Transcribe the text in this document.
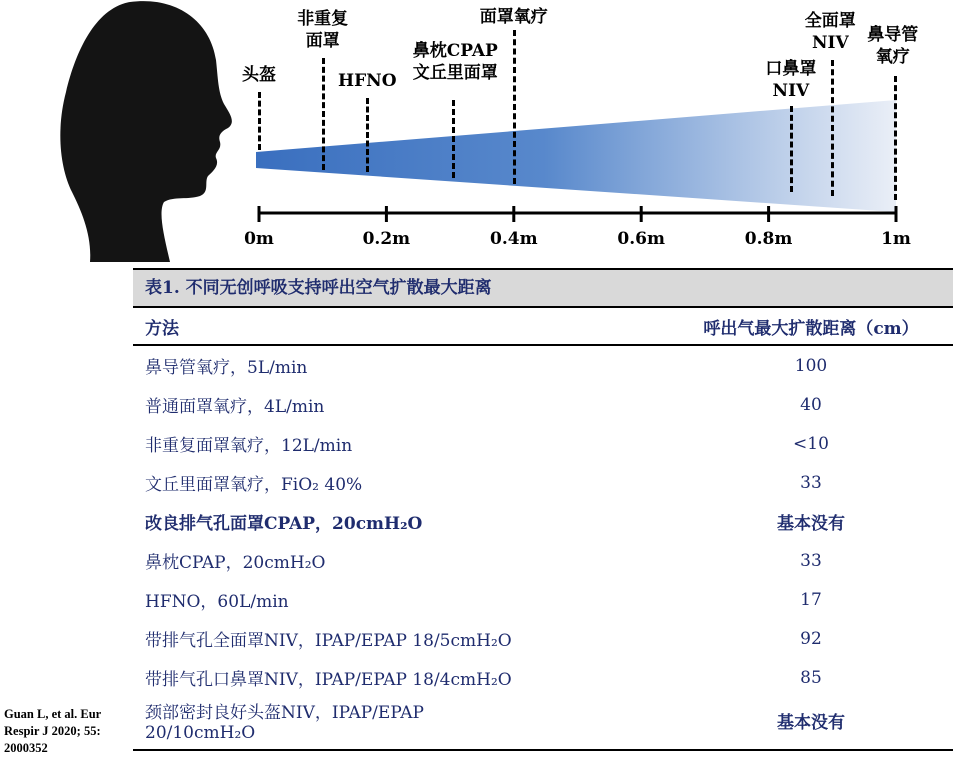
头盔
非重复
面罩
HFNO
鼻枕CPAP
文丘里面罩
面罩氧疗
口鼻罩
NIV
全面罩
NIV	鼻导管
氧疗
0m	0.2m	0.4m	0.6m	0.8m	1m
表1. 不同无创呼吸支持呼出空气扩散最大距离
方法	呼出气最大扩散距离（cm）
鼻导管氧疗，5L/min	100
普通面罩氧疗，4L/min	40
非重复面罩氧疗，12L/min	<10
文丘里面罩氧疗，FiO₂ 40%	33
改良排气孔面罩CPAP，20cmH₂O	基本没有
鼻枕CPAP，20cmH₂O	33
HFNO，60L/min	17
带排气孔全面罩NIV，IPAP/EPAP 18/5cmH₂O	92
带排气孔口鼻罩NIV，IPAP/EPAP 18/4cmH₂O	85
颈部密封良好头盔NIV，IPAP/EPAP
20/10cmH₂O	基本没有
Guan L, et al. Eur Respir J 2020; 55: 2000352
